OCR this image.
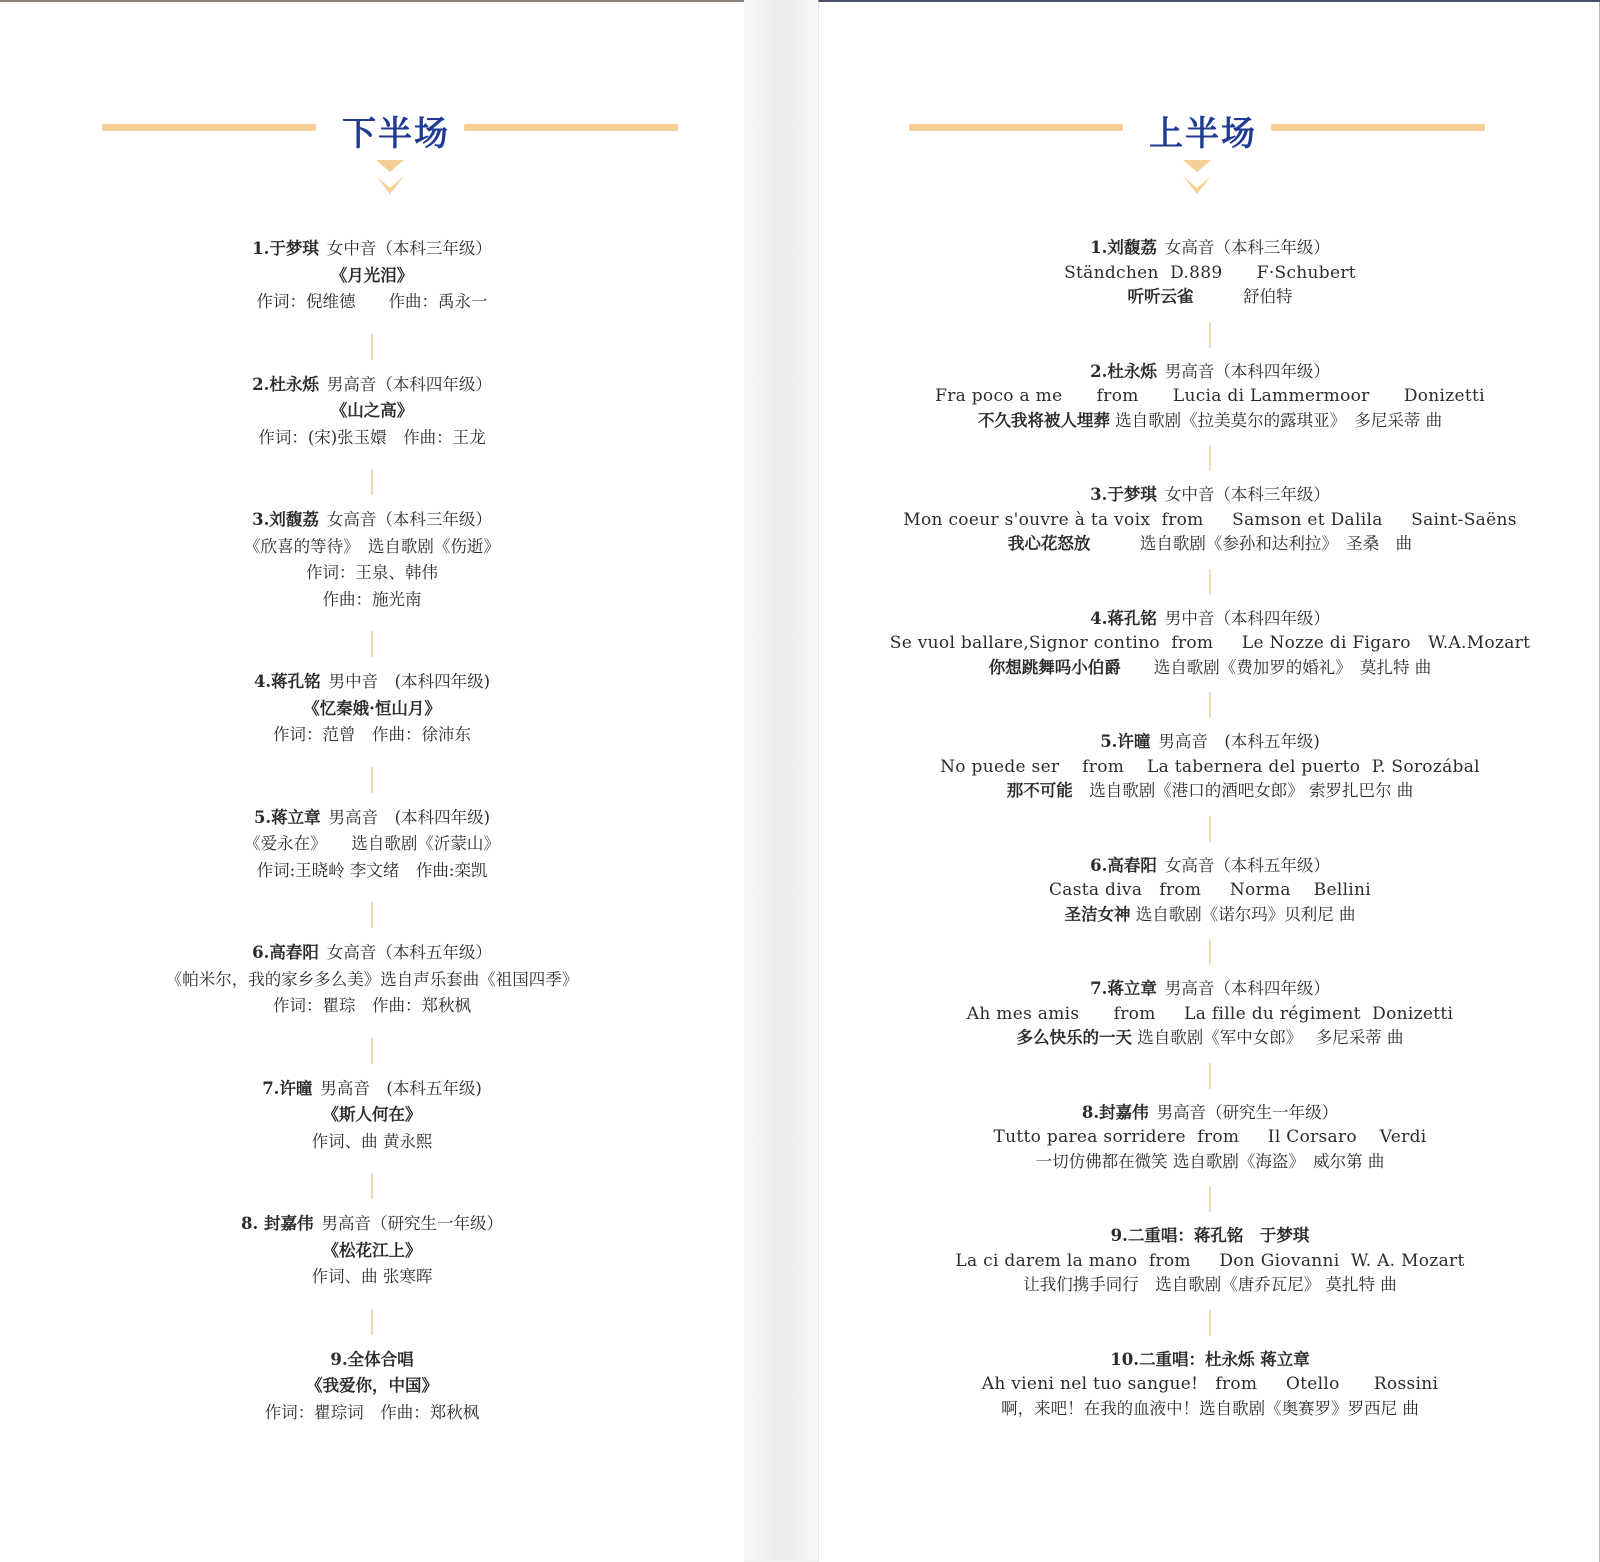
下半场
1.于梦琪 女中音（本科三年级）
《月光泪》
作词：倪维德　　作曲：禹永一
2.杜永烁 男高音（本科四年级）
《山之高》
作词：(宋)张玉嬛　作曲：王龙
3.刘馥荔 女高音（本科三年级）
《欣喜的等待》　选自歌剧《伤逝》
作词：王泉、韩伟
作曲：施光南
4.蒋孔铭 男中音　(本科四年级)
《忆秦娥·恒山月》
作词：范曾　作曲：徐沛东
5.蒋立章 男高音　(本科四年级)
《爱永在》　　选自歌剧《沂蒙山》
作词:王晓岭 李文绪　作曲:栾凯
6.高春阳 女高音（本科五年级）
《帕米尔，我的家乡多么美》选自声乐套曲《祖国四季》
作词：瞿琮　作曲：郑秋枫
7.许曈 男高音　(本科五年级)
《斯人何在》
作词、曲 黄永熙
8. 封嘉伟 男高音（研究生一年级）
《松花江上》
作词、曲 张寒晖
9.全体合唱
《我爱你，中国》
作词：瞿琮词　作曲：郑秋枫
上半场
1.刘馥荔 女高音（本科三年级）
Ständchen  D.889      F·Schubert
听听云雀　　　舒伯特
2.杜永烁 男高音（本科四年级）
Fra poco a me      from      Lucia di Lammermoor      Donizetti
不久我将被人埋葬 选自歌剧《拉美莫尔的露琪亚》　多尼采蒂 曲
3.于梦琪 女中音（本科三年级）
Mon coeur s'ouvre à ta voix  from     Samson et Dalila     Saint-Saëns
我心花怒放　　　选自歌剧《参孙和达利拉》　圣桑　曲
4.蒋孔铭 男中音（本科四年级）
Se vuol ballare,Signor contino  from     Le Nozze di Figaro   W.A.Mozart
你想跳舞吗小伯爵　　选自歌剧《费加罗的婚礼》　莫扎特 曲
5.许曈 男高音　(本科五年级)
No puede ser    from    La tabernera del puerto  P. Sorozábal
那不可能　选自歌剧《港口的酒吧女郎》 索罗扎巴尔 曲
6.高春阳 女高音（本科五年级）
Casta diva   from     Norma    Bellini
圣洁女神 选自歌剧《诺尔玛》贝利尼 曲
7.蒋立章 男高音（本科四年级）
Ah mes amis      from     La fille du régiment  Donizetti
多么快乐的一天 选自歌剧《军中女郎》　 多尼采蒂 曲
8.封嘉伟 男高音（研究生一年级）
Tutto parea sorridere  from     Il Corsaro    Verdi
一切仿佛都在微笑 选自歌剧《海盗》　威尔第 曲
9.二重唱：蒋孔铭　于梦琪
La ci darem la mano  from     Don Giovanni  W. A. Mozart
让我们携手同行　选自歌剧《唐乔瓦尼》 莫扎特 曲
10.二重唱：杜永烁 蒋立章
Ah vieni nel tuo sangue!   from     Otello      Rossini
啊，来吧！在我的血液中！选自歌剧《奥赛罗》罗西尼 曲
